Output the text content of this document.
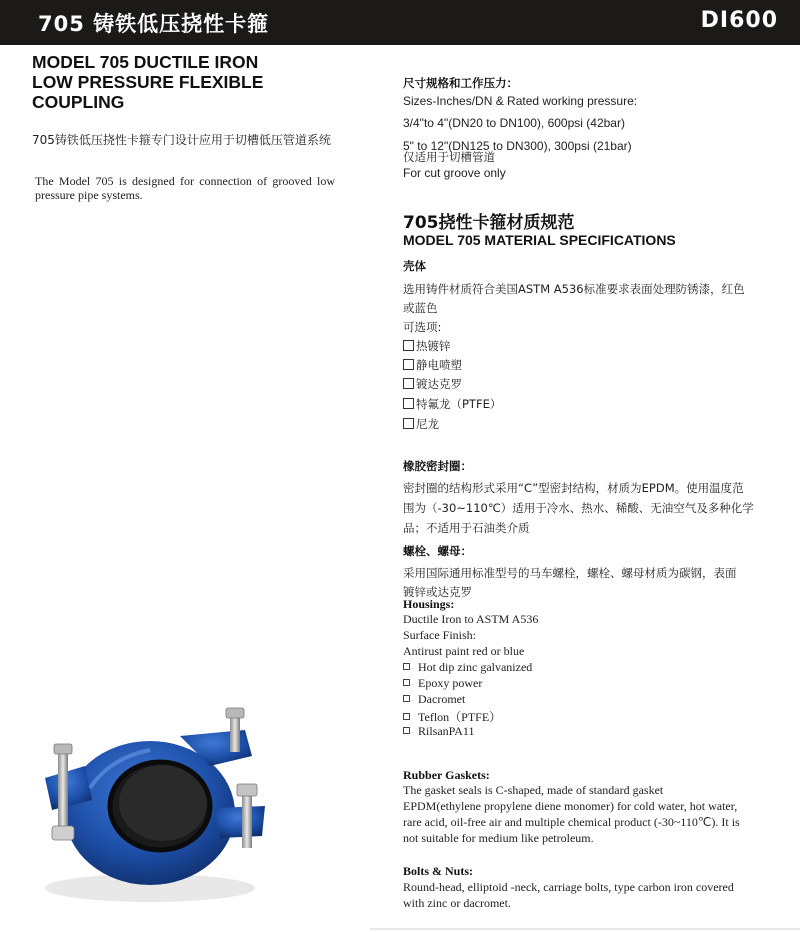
705 铸铁低压挠性卡箍	DI600
MODEL 705 DUCTILE IRON
LOW PRESSURE FLEXIBLE
COUPLING
705铸铁低压挠性卡箍专门设计应用于切槽低压管道系统
The Model 705 is designed for connection of grooved low pressure pipe systems.
尺寸规格和工作压力：
Sizes-Inches/DN & Rated working pressure:
3/4"to 4"(DN20 to DN100), 600psi (42bar)
5" to 12"(DN125 to DN300), 300psi (21bar)
仅适用于切槽管道
For cut groove only
705挠性卡箍材质规范
MODEL 705 MATERIAL SPECIFICATIONS
壳体
选用铸件材质符合美国ASTM A536标准要求表面处理防锈漆，红色
或蓝色
可选项:
热镀锌
静电喷塑
镀达克罗
特氟龙（PTFE）
尼龙
橡胶密封圈：
密封圈的结构形式采用“C”型密封结构，材质为EPDM。使用温度范
围为（-30~110℃）适用于冷水、热水、稀酸、无油空气及多种化学
品；不适用于石油类介质
螺栓、螺母：
采用国际通用标准型号的马车螺栓，螺栓、螺母材质为碳钢，表面
镀锌或达克罗
Housings:
Ductile Iron to ASTM A536
Surface Finish:
Antirust paint red or blue
Hot dip zinc galvanized
Epoxy power
Dacromet
Teflon（PTFE）
RilsanPA11
Rubber Gaskets:
The gasket seals is C-shaped, made of standard gasket
EPDM(ethylene propylene diene monomer) for cold water, hot water,
rare acid, oil-free air and multiple chemical product (-30~110℃). It is
not suitable for medium like petroleum.
Bolts & Nuts:
Round-head, elliptoid -neck, carriage bolts, type carbon iron covered
with zinc or dacromet.
